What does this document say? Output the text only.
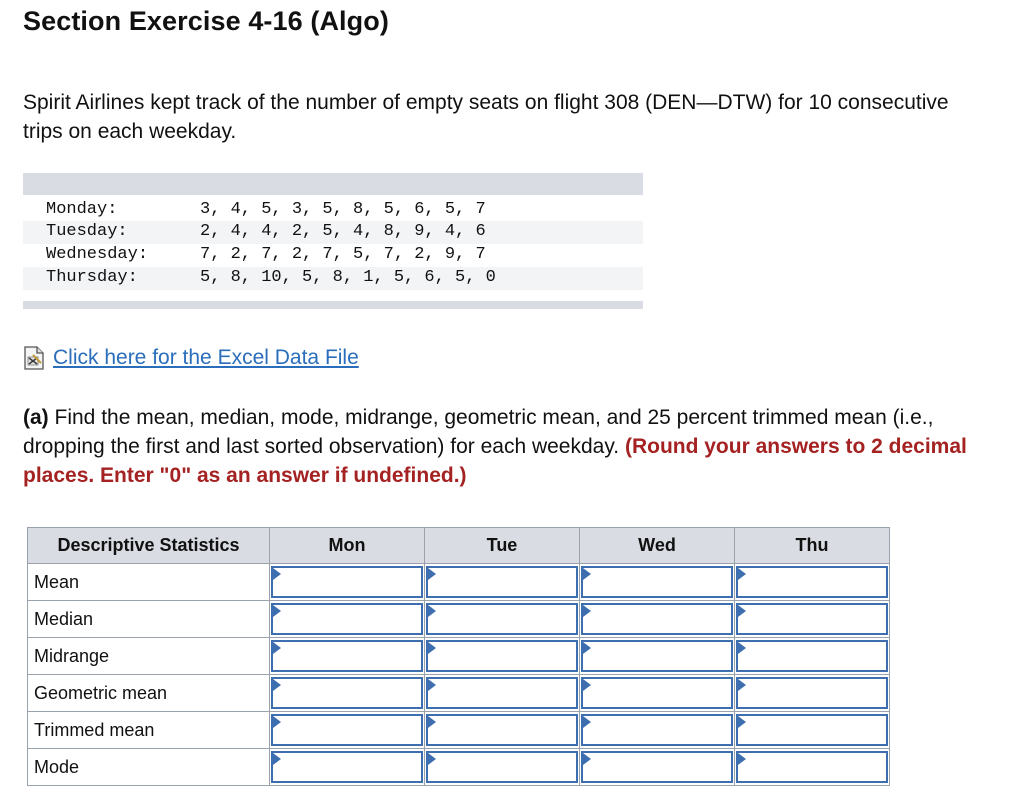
Section Exercise 4-16 (Algo)
Spirit Airlines kept track of the number of empty seats on flight 308 (DEN—DTW) for 10 consecutive trips on each weekday.
Monday:	3, 4, 5, 3, 5, 8, 5, 6, 5, 7
Tuesday:	2, 4, 4, 2, 5, 4, 8, 9, 4, 6
Wednesday:	7, 2, 7, 2, 7, 5, 7, 2, 9, 7
Thursday:	5, 8, 10, 5, 8, 1, 5, 6, 5, 0
Click here for the Excel Data File
(a) Find the mean, median, mode, midrange, geometric mean, and 25 percent trimmed mean (i.e., dropping the first and last sorted observation) for each weekday. (Round your answers to 2 decimal places. Enter "0" as an answer if undefined.)
Descriptive Statistics	Mon	Tue	Wed	Thu
Mean	

Median	

Midrange	

Geometric mean	

Trimmed mean	

Mode	
